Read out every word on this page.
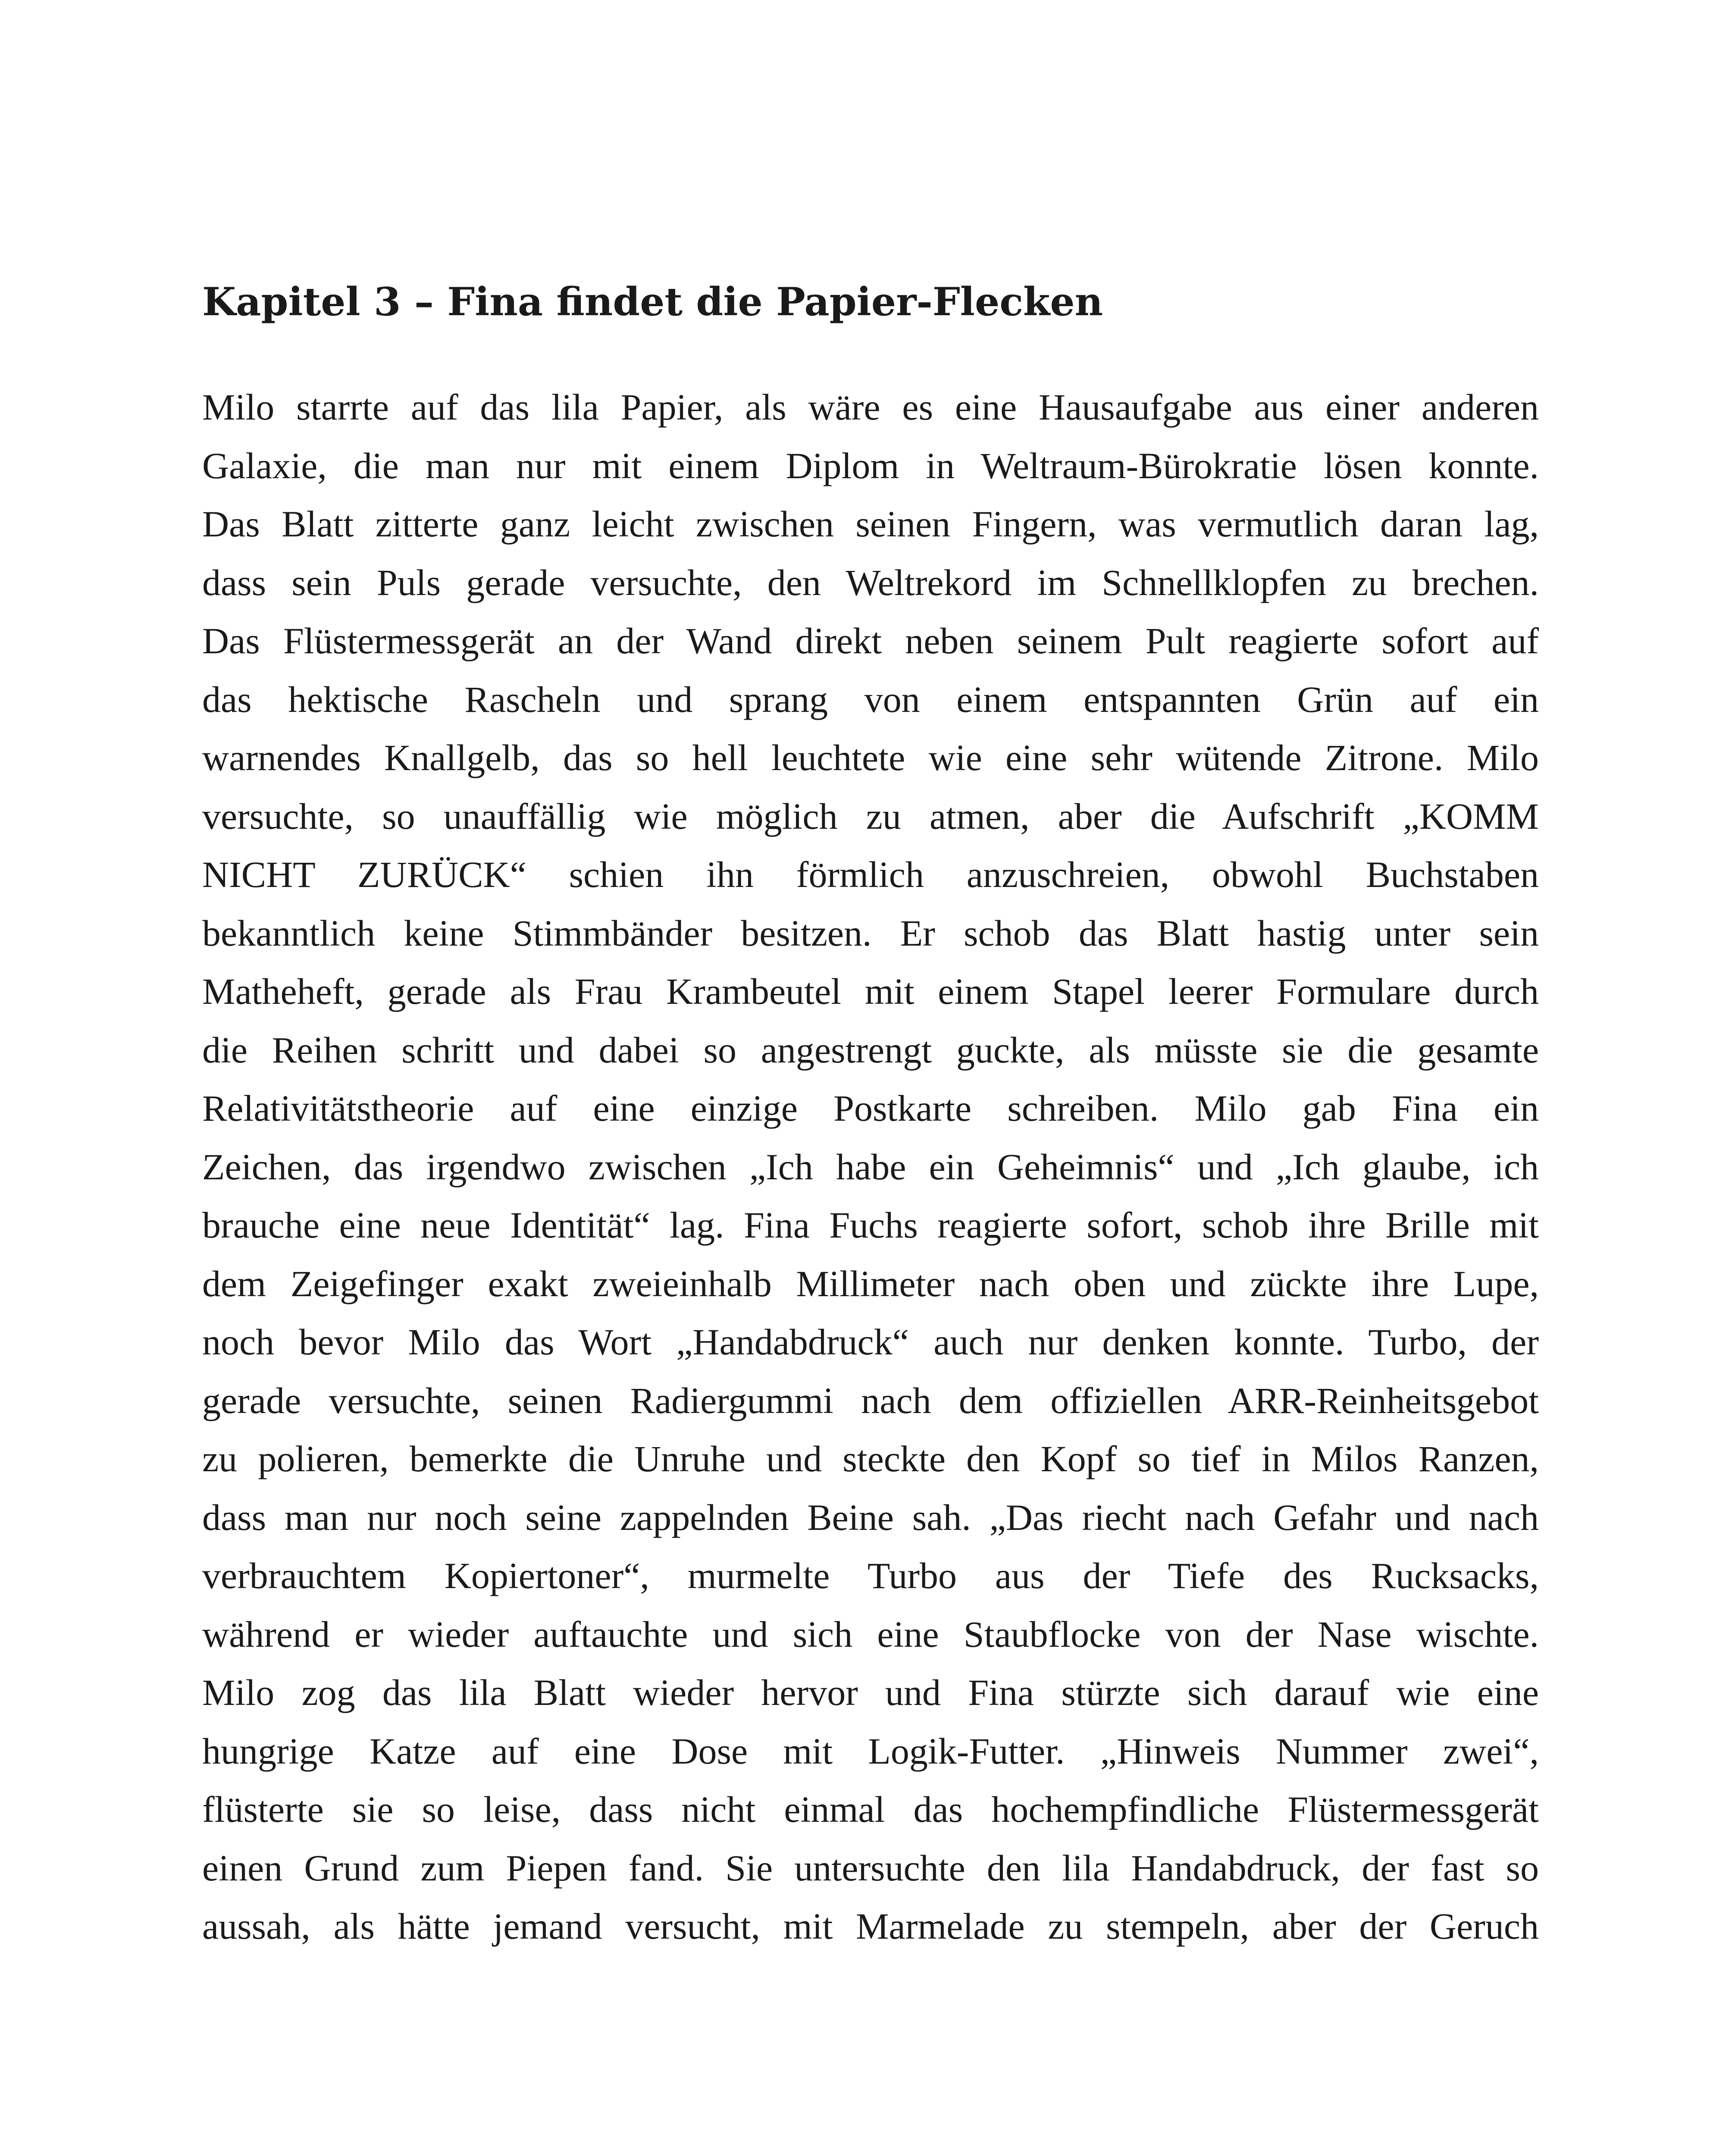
Kapitel 3 – Fina findet die Papier-Flecken
Milo starrte auf das lila Papier, als wäre es eine Hausaufgabe aus einer anderen
Galaxie, die man nur mit einem Diplom in Weltraum-Bürokratie lösen konnte.
Das Blatt zitterte ganz leicht zwischen seinen Fingern, was vermutlich daran lag,
dass sein Puls gerade versuchte, den Weltrekord im Schnellklopfen zu brechen.
Das Flüstermessgerät an der Wand direkt neben seinem Pult reagierte sofort auf
das hektische Rascheln und sprang von einem entspannten Grün auf ein
warnendes Knallgelb, das so hell leuchtete wie eine sehr wütende Zitrone. Milo
versuchte, so unauffällig wie möglich zu atmen, aber die Aufschrift „KOMM
NICHT ZURÜCK“ schien ihn förmlich anzuschreien, obwohl Buchstaben
bekanntlich keine Stimmbänder besitzen. Er schob das Blatt hastig unter sein
Matheheft, gerade als Frau Krambeutel mit einem Stapel leerer Formulare durch
die Reihen schritt und dabei so angestrengt guckte, als müsste sie die gesamte
Relativitätstheorie auf eine einzige Postkarte schreiben. Milo gab Fina ein
Zeichen, das irgendwo zwischen „Ich habe ein Geheimnis“ und „Ich glaube, ich
brauche eine neue Identität“ lag. Fina Fuchs reagierte sofort, schob ihre Brille mit
dem Zeigefinger exakt zweieinhalb Millimeter nach oben und zückte ihre Lupe,
noch bevor Milo das Wort „Handabdruck“ auch nur denken konnte. Turbo, der
gerade versuchte, seinen Radiergummi nach dem offiziellen ARR-Reinheitsgebot
zu polieren, bemerkte die Unruhe und steckte den Kopf so tief in Milos Ranzen,
dass man nur noch seine zappelnden Beine sah. „Das riecht nach Gefahr und nach
verbrauchtem Kopiertoner“, murmelte Turbo aus der Tiefe des Rucksacks,
während er wieder auftauchte und sich eine Staubflocke von der Nase wischte.
Milo zog das lila Blatt wieder hervor und Fina stürzte sich darauf wie eine
hungrige Katze auf eine Dose mit Logik-Futter. „Hinweis Nummer zwei“,
flüsterte sie so leise, dass nicht einmal das hochempfindliche Flüstermessgerät
einen Grund zum Piepen fand. Sie untersuchte den lila Handabdruck, der fast so
aussah, als hätte jemand versucht, mit Marmelade zu stempeln, aber der Geruch
